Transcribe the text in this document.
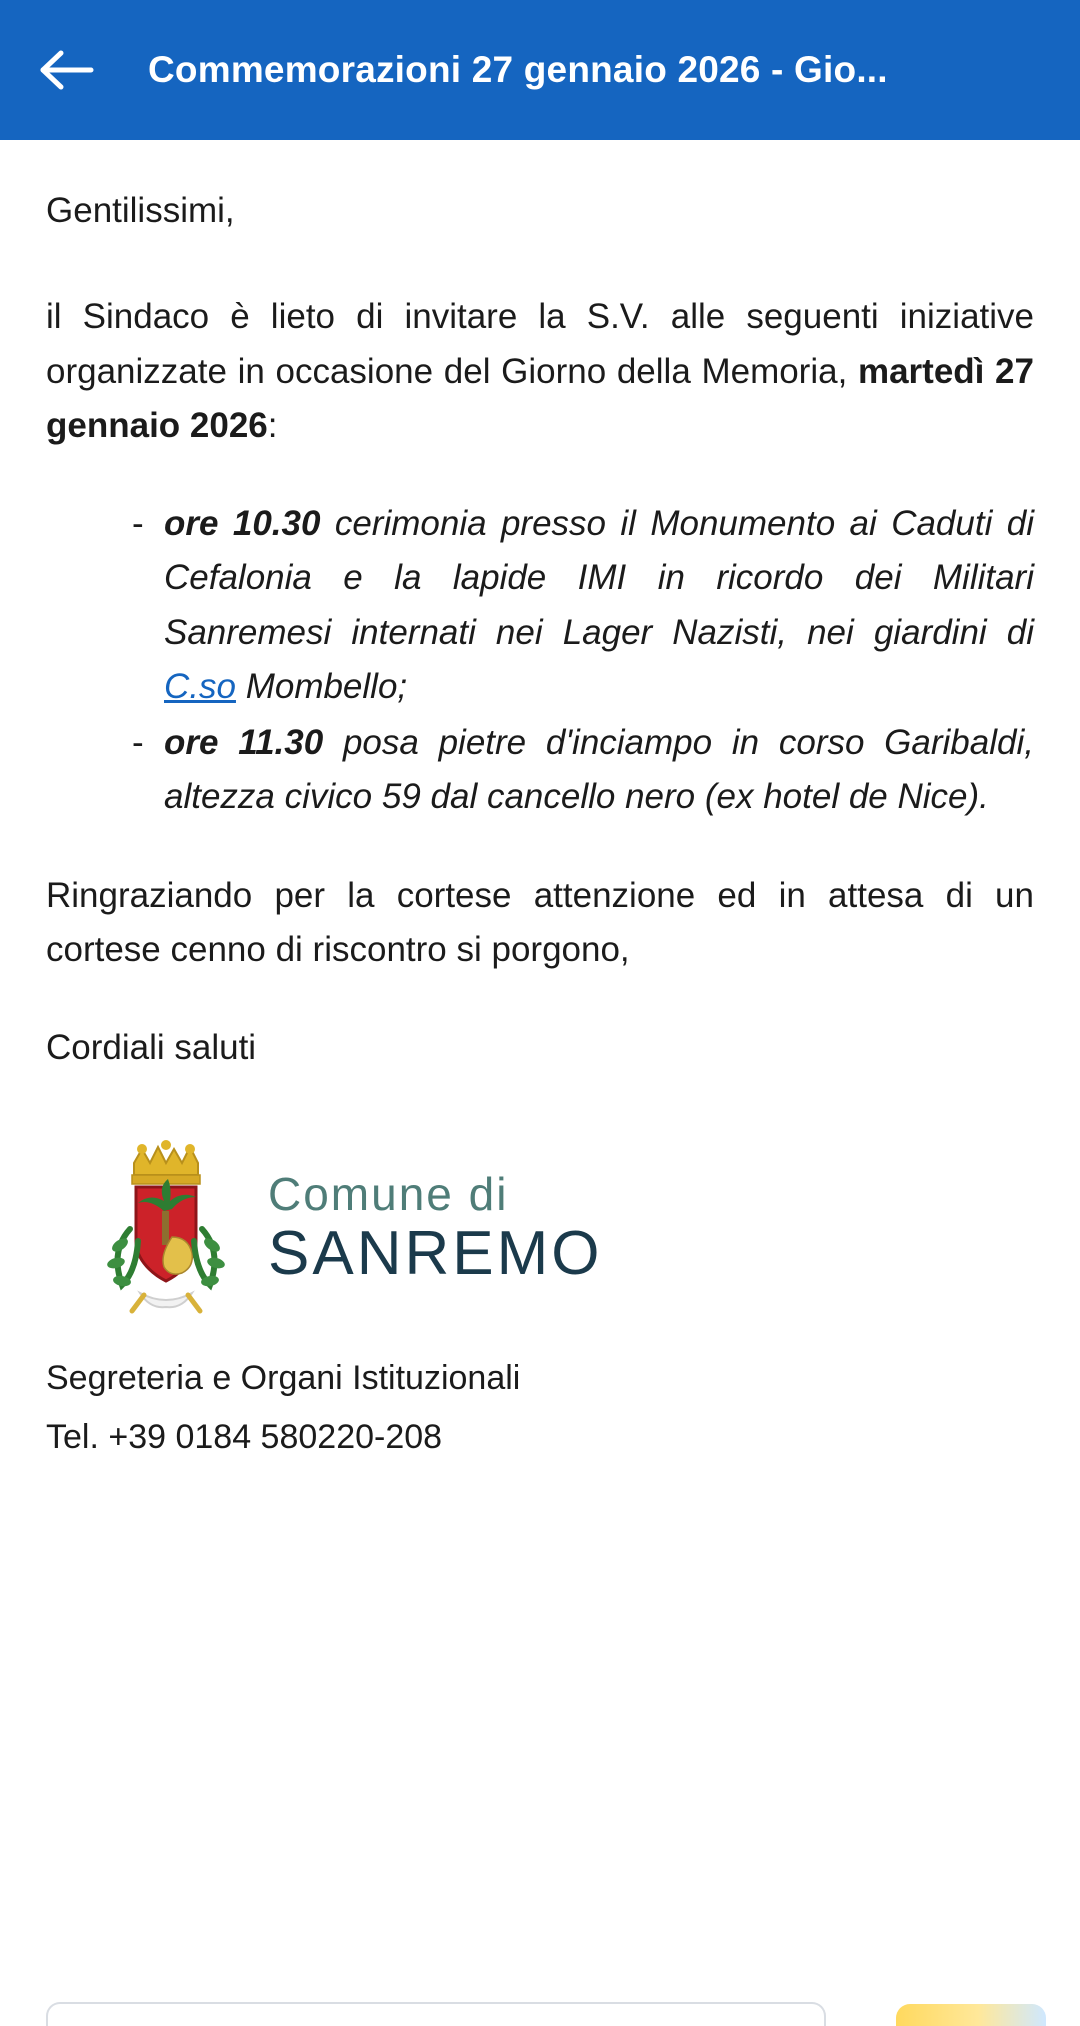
Commemorazioni 27 gennaio 2026 - Gio...

Gentilissimi,

il Sindaco è lieto di invitare la S.V. alle seguenti iniziative organizzate in occasione del Giorno della Memoria, martedì 27 gennaio 2026:

- ore 10.30 cerimonia presso il Monumento ai Caduti di Cefalonia e la lapide IMI in ricordo dei Militari Sanremesi internati nei Lager Nazisti, nei giardini di C.so Mombello;
- ore 11.30 posa pietre d'inciampo in corso Garibaldi, altezza civico 59 dal cancello nero (ex hotel de Nice).

Ringraziando per la cortese attenzione ed in attesa di un cortese cenno di riscontro si porgono,

Cordiali saluti

Comune di
SANREMO
Segreteria e Organi Istituzionali
Tel. +39 0184 580220-208
